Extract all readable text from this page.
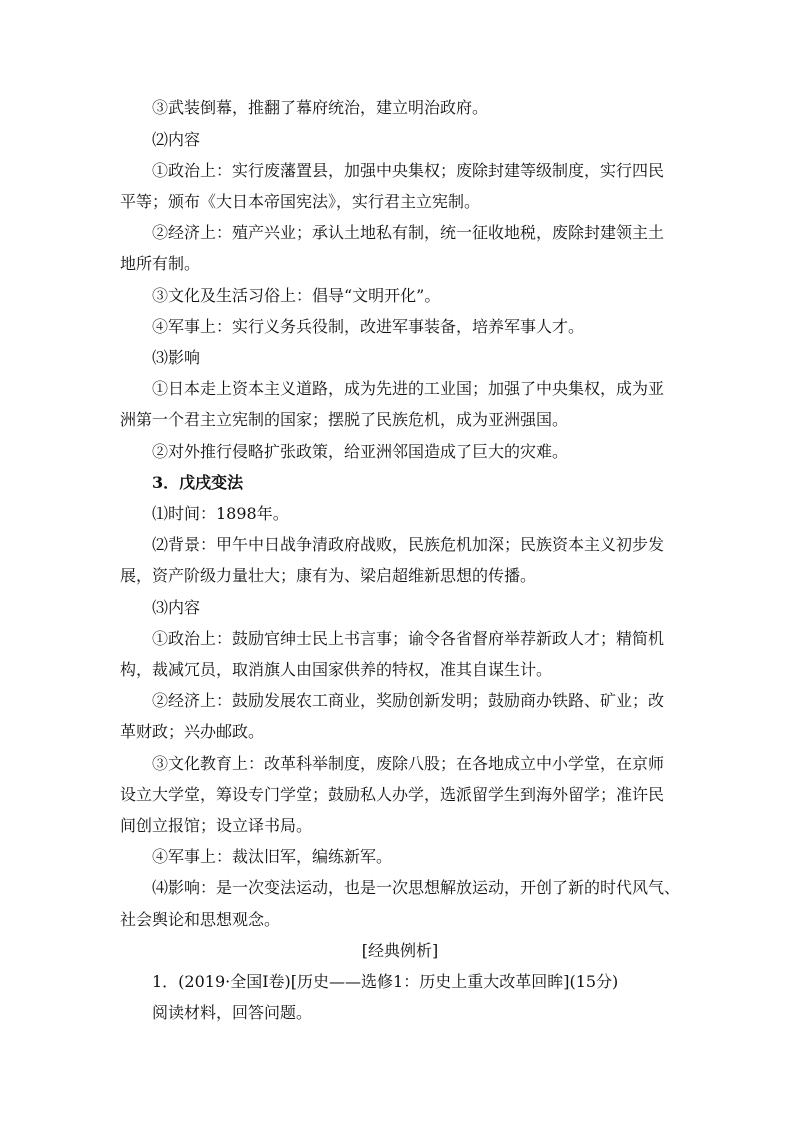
③武装倒幕，推翻了幕府统治，建立明治政府。
⑵内容
①政治上：实行废藩置县，加强中央集权；废除封建等级制度，实行四民
平等；颁布《大日本帝国宪法》，实行君主立宪制。
②经济上：殖产兴业；承认土地私有制，统一征收地税，废除封建领主土
地所有制。
③文化及生活习俗上：倡导“文明开化”。
④军事上：实行义务兵役制，改进军事装备，培养军事人才。
⑶影响
①日本走上资本主义道路，成为先进的工业国；加强了中央集权，成为亚
洲第一个君主立宪制的国家；摆脱了民族危机，成为亚洲强国。
②对外推行侵略扩张政策，给亚洲邻国造成了巨大的灾难。
3．戊戌变法
⑴时间：1898年。
⑵背景：甲午中日战争清政府战败，民族危机加深；民族资本主义初步发
展，资产阶级力量壮大；康有为、梁启超维新思想的传播。
⑶内容
①政治上：鼓励官绅士民上书言事；谕令各省督府举荐新政人才；精简机
构，裁减冗员，取消旗人由国家供养的特权，准其自谋生计。
②经济上：鼓励发展农工商业，奖励创新发明；鼓励商办铁路、矿业；改
革财政；兴办邮政。
③文化教育上：改革科举制度，废除八股；在各地成立中小学堂，在京师
设立大学堂，筹设专门学堂；鼓励私人办学，选派留学生到海外留学；准许民
间创立报馆；设立译书局。
④军事上：裁汰旧军，编练新军。
⑷影响：是一次变法运动，也是一次思想解放运动，开创了新的时代风气、
社会舆论和思想观念。
[经典例析]
1．(2019·全国Ⅰ卷)[历史——选修1：历史上重大改革回眸](15分)
阅读材料，回答问题。
